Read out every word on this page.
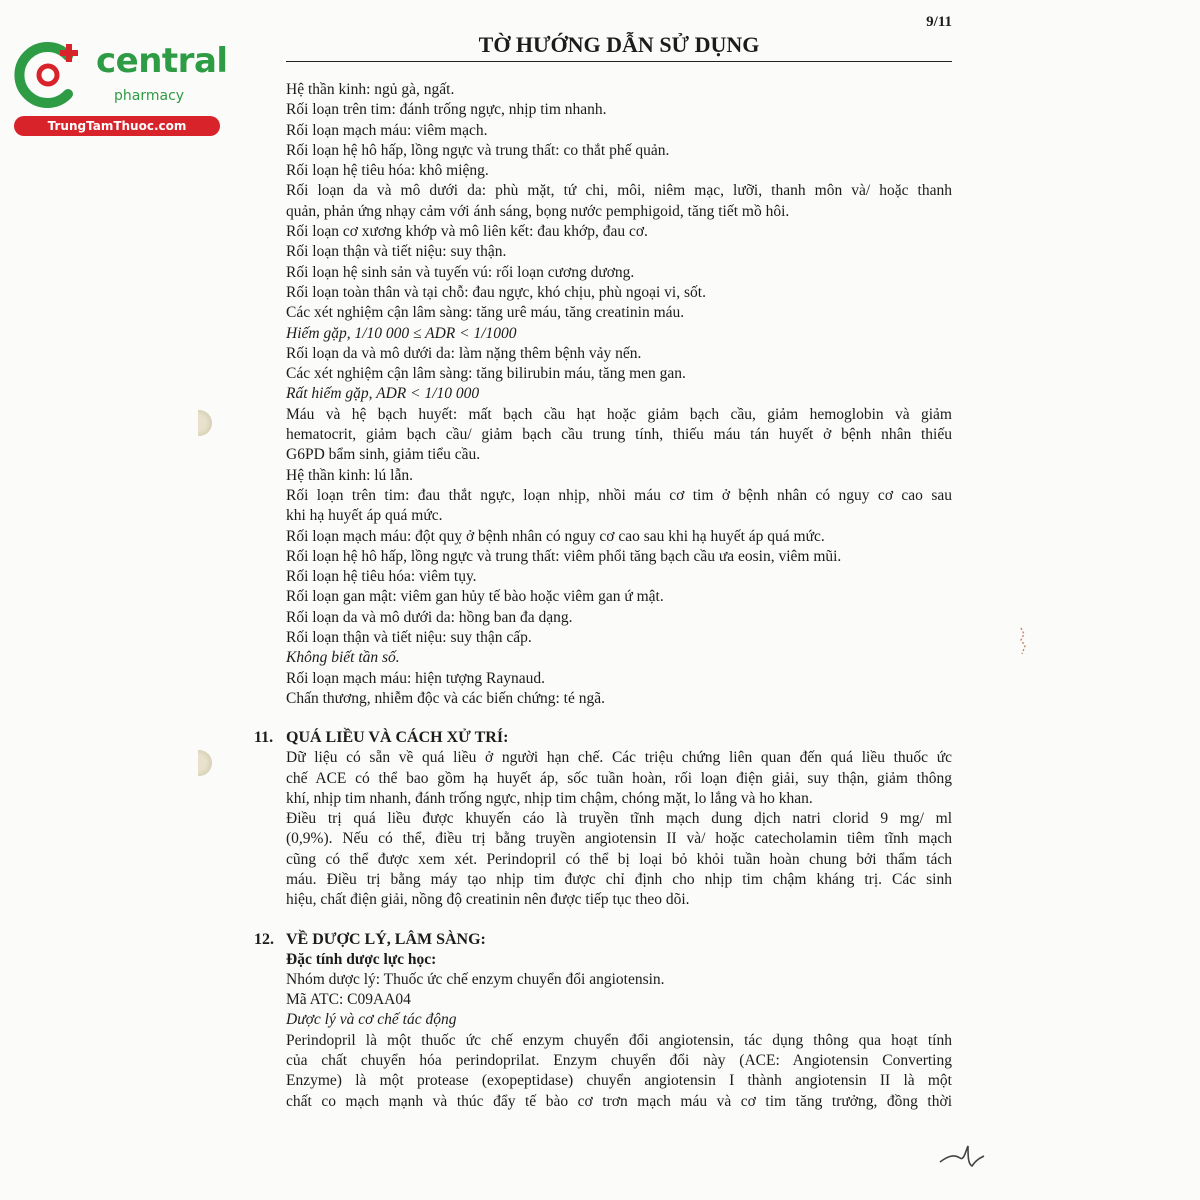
central
pharmacy
TrungTamThuoc.com
9/11
TỜ HƯỚNG DẪN SỬ DỤNG
Hệ thần kinh: ngủ gà, ngất.
Rối loạn trên tim: đánh trống ngực, nhịp tim nhanh.
Rối loạn mạch máu: viêm mạch.
Rối loạn hệ hô hấp, lồng ngực và trung thất: co thắt phế quản.
Rối loạn hệ tiêu hóa: khô miệng.
Rối loạn da và mô dưới da: phù mặt, tứ chi, môi, niêm mạc, lưỡi, thanh môn và/ hoặc thanh
quản, phản ứng nhạy cảm với ánh sáng, bọng nước pemphigoid, tăng tiết mồ hôi.
Rối loạn cơ xương khớp và mô liên kết: đau khớp, đau cơ.
Rối loạn thận và tiết niệu: suy thận.
Rối loạn hệ sinh sản và tuyến vú: rối loạn cương dương.
Rối loạn toàn thân và tại chỗ: đau ngực, khó chịu, phù ngoại vi, sốt.
Các xét nghiệm cận lâm sàng: tăng urê máu, tăng creatinin máu.
Hiếm gặp, 1/10 000 ≤ ADR < 1/1000
Rối loạn da và mô dưới da: làm nặng thêm bệnh vảy nến.
Các xét nghiệm cận lâm sàng: tăng bilirubin máu, tăng men gan.
Rất hiếm gặp, ADR < 1/10 000
Máu và hệ bạch huyết: mất bạch cầu hạt hoặc giảm bạch cầu, giảm hemoglobin và giảm
hematocrit, giảm bạch cầu/ giảm bạch cầu trung tính, thiếu máu tán huyết ở bệnh nhân thiếu
G6PD bẩm sinh, giảm tiểu cầu.
Hệ thần kinh: lú lẫn.
Rối loạn trên tim: đau thắt ngực, loạn nhịp, nhồi máu cơ tim ở bệnh nhân có nguy cơ cao sau
khi hạ huyết áp quá mức.
Rối loạn mạch máu: đột quỵ ở bệnh nhân có nguy cơ cao sau khi hạ huyết áp quá mức.
Rối loạn hệ hô hấp, lồng ngực và trung thất: viêm phổi tăng bạch cầu ưa eosin, viêm mũi.
Rối loạn hệ tiêu hóa: viêm tụy.
Rối loạn gan mật: viêm gan hủy tế bào hoặc viêm gan ứ mật.
Rối loạn da và mô dưới da: hồng ban đa dạng.
Rối loạn thận và tiết niệu: suy thận cấp.
Không biết tần số.
Rối loạn mạch máu: hiện tượng Raynaud.
Chấn thương, nhiễm độc và các biến chứng: té ngã.
11. QUÁ LIỀU VÀ CÁCH XỬ TRÍ:
Dữ liệu có sẵn về quá liều ở người hạn chế. Các triệu chứng liên quan đến quá liều thuốc ức
chế ACE có thể bao gồm hạ huyết áp, sốc tuần hoàn, rối loạn điện giải, suy thận, giảm thông
khí, nhịp tim nhanh, đánh trống ngực, nhịp tim chậm, chóng mặt, lo lắng và ho khan.
Điều trị quá liều được khuyến cáo là truyền tĩnh mạch dung dịch natri clorid 9 mg/ ml
(0,9%). Nếu có thể, điều trị bằng truyền angiotensin II và/ hoặc catecholamin tiêm tĩnh mạch
cũng có thể được xem xét. Perindopril có thể bị loại bỏ khỏi tuần hoàn chung bởi thẩm tách
máu. Điều trị bằng máy tạo nhịp tim được chỉ định cho nhịp tim chậm kháng trị. Các sinh
hiệu, chất điện giải, nồng độ creatinin nên được tiếp tục theo dõi.
12. VỀ DƯỢC LÝ, LÂM SÀNG:
Đặc tính dược lực học:
Nhóm dược lý: Thuốc ức chế enzym chuyển đổi angiotensin.
Mã ATC: C09AA04
Dược lý và cơ chế tác động
Perindopril là một thuốc ức chế enzym chuyển đổi angiotensin, tác dụng thông qua hoạt tính
của chất chuyển hóa perindoprilat. Enzym chuyển đổi này (ACE: Angiotensin Converting
Enzyme) là một protease (exopeptidase) chuyển angiotensin I thành angiotensin II là một
chất co mạch mạnh và thúc đẩy tế bào cơ trơn mạch máu và cơ tim tăng trưởng, đồng thời
